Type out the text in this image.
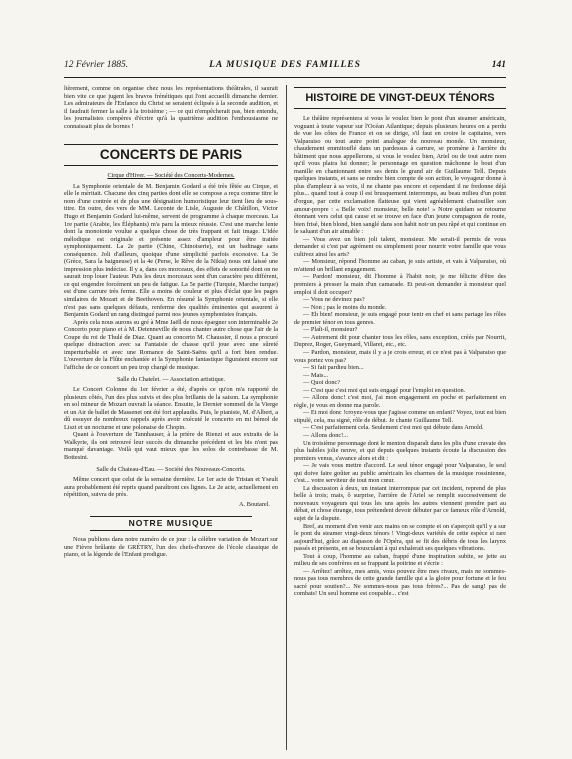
12 Février 1885.	LA MUSIQUE DES FAMILLES	141

lièrement, comme on organise chez nous les représentations théâtrales, il saurait bien vite ce que jugent les bravos frénétiques qui l'ont accueilli dimanche dernier. Les admirateurs de l'Enfance du Christ se seraient éclipsés à la seconde audition, et il faudrait fermer la salle à la troisième ; — ce qui n'empêcherait pas, bien entendu, les journalistes compères d'écrire qu'à la quatrième audition l'enthousiasme ne connaissait plus de bornes !

CONCERTS DE PARIS
Cirque d'Hiver. — Société des Concerts-Modernes.

La Symphonie orientale de M. Benjamin Godard a été très fêtée au Cirque, et elle le méritait. Chacune des cinq parties dont elle se compose a reçu comme titre le nom d'une contrée et de plus une désignation humoristique leur tient lieu de sous-titre. En outre, des vers de MM. Leconte de Lisle, Auguste de Châtillon, Victor Hugo et Benjamin Godard lui-même, servent de programme à chaque morceau. La 1re partie (Arabie, les Éléphants) m'a paru la mieux réussie. C'est une marche lente dont la monotonie voulue a quelque chose de très frappant et fait image. L'idée mélodique est originale et présente assez d'ampleur pour être traitée symphoniquement. La 2e partie (Chine, Chinoiserie), est un badinage sans conséquence. Joli d'ailleurs, quoique d'une simplicité parfois excessive. La 3e (Grèce, Sara la baigneuse) et la 4e (Perse, le Rêve de la Nikia) nous ont laissé une impression plus indécise. Il y a, dans ces morceaux, des effets de sonorité dont on ne saurait trop louer l'auteur. Puis les deux morceaux sont d'un caractère peu différent, ce qui engendre forcément un peu de fatigue. La 5e partie (Turquie, Marche turque) est d'une carrure très ferme. Elle a moins de couleur et plus d'éclat que les pages similaires de Mozart et de Beethoven. En résumé la Symphonie orientale, si elle n'est pas sans quelques défauts, renferme des qualités éminentes qui assurent à Benjamin Godard un rang distingué parmi nos jeunes symphonistes français.

Après cela nous aurons su gré à Mme Jaëll de nous épargner son interminable 2e Concerto pour piano et à M. Detenneville de nous chanter autre chose que l'air de la Coupe du roi de Thulé de Diaz. Quant au concerto M. Chaussier, il nous a procuré quelque distraction avec sa Fantaisie de chasse qu'il joue avec une sûreté imperturbable et avec une Romance de Saint-Saëns qu'il a fort bien rendue. L'ouverture de la Flûte enchantée et la Symphonie fantastique figuraient encore sur l'affiche de ce concert un peu trop chargé de musique.

Salle du Chatelet. — Association artistique.

Le Concert Colonne du 1er février a été, d'après ce qu'on m'a rapporté de plusieurs côtés, l'un des plus suivis et des plus brillants de la saison. La symphonie en sol mineur de Mozart ouvrait la séance. Ensuite, le Dernier sommeil de la Vierge et un Air de ballet de Massenet ont été fort applaudis. Puis, le pianiste, M. d'Albert, a dû essuyer de nombreux rappels après avoir exécuté le concerto en mi bémol de Liszt et un nocturne et une polonaise de Chopin.

Quant à l'ouverture de Tannhauser, à la prière de Rienzi et aux extraits de la Walkyrie, ils ont retrouvé leur succès du dimanche précédent et les bis n'ont pas manqué davantage. Voilà qui vaut mieux que les solos de contrebasse de M. Bottesini.

Salle du Chateau-d'Eau. — Société des Nouveaux-Concerts.

Même concert que celui de la semaine dernière. Le 1er acte de Tristan et Yseult aura probablement été repris quand paraîtront ces lignes. Le 2e acte, actuellement en répétition, suivra de près.

A. Boutarel.
NOTRE MUSIQUE

Nous publions dans notre numéro de ce jour : la célèbre variation de Mozart sur une Fièvre brûlante de GRÉTRY, l'un des chefs-d'œuvre de l'école classique de piano, et la légende de l'Enfant prodigue.

HISTOIRE DE VINGT-DEUX TÉNORS

Le théâtre représentera si vous le voulez bien le pont d'un steamer américain, voguant à toute vapeur sur l'Océan Atlantique; depuis plusieurs heures on a perdu de vue les côtes de France et on se dirige, s'il faut en croire le capitaine, vers Valparaiso ou tout autre point analogue du nouveau monde. Un monsieur, chaudement emmitouflé dans un pardessus à carrure, se promène à l'arrière du bâtiment que nous appellerons, si vous le voulez bien, Ariel ou de tout autre nom qu'il vous plaira lui donner; le personnage en question mâchonne le bout d'un manille en chantonnant entre ses dents le grand air de Guillaume Tell. Depuis quelques instants, et sans se rendre bien compte de son action, le voyageur donne à plus d'ampleur à sa voix, il ne chante pas encore et cependant il ne fredonne déjà plus... quand tout à coup il est brusquement interrompu, au beau milieu d'un point d'orgue, par cette exclamation flatteuse qui vient agréablement chatouiller son amour-propre : « Belle voix! monsieur, belle note! » Notre quidam se retourne étonnant vers celui qui cause et se trouve en face d'un jeune compagnon de route, bien frisé, bien blond, bien sanglé dans son habit noir un peu râpé et qui continue en le saluant d'un air aimable :

— Vous avez un bien joli talent, monsieur. Me serait-il permis de vous demander si c'est par agrément ou simplement pour nourrir votre famille que vous cultivez ainsi les arts?

— Monsieur, répond l'homme au caban, je suis artiste, et vais à Valparaiso, où m'attend un brillant engagement.

— Pardon! monsieur, dit l'homme à l'habit noir, je me félicite d'être des premiers à presser la main d'un camarade. Et peut-on demander à monsieur quel emploi il doit occuper?

— Vous ne devinez pas?

— Non ; pas le moins du monde.

— Eh bien! monsieur, je suis engagé pour tenir en chef et sans partage les rôles de premier ténor en tous genres.

— Plaît-il, monsieur?

— Autrement dit pour chanter tous les rôles, sans exception, créés par Nourrit, Duprez, Roger, Gueymard, Villaret, etc., etc.

— Pardon, monsieur, mais il y a je crois erreur, et ce n'est pas à Valparaiso que vous portez vos pas?

— Si fait pardieu bien...

— Mais...

— Quoi donc?

— C'est que c'est moi qui suis engagé pour l'emploi en question.

— Allons donc! c'est moi, j'ai mon engagement en poche et parfaitement en règle, je vous en donne ma parole.

— Et moi donc !croyez-vous que j'agisse comme un enfant? Voyez, tout est bien stipulé, cela, ma signé, rôle de début. Je chante Guillaume Tell.

— C'est parfaitement cela. Seulement c'est moi qui débute dans Arnold.

— Allons donc!...

Un troisième personnage dont le menton disparaît dans les plis d'une cravate des plus habiles jolie neuve, et qui depuis quelques instants écoute la discussion des premiers venus, s'avance alors et dit :

— Je vais vous mettre d'accord. Le seul ténor engagé pour Valparaiso, le seul qui doive faire goûter au public américain les charmes de la musique rossinienne, c'est... votre serviteur de tout mon cœur.

La discussion à deux, un instant interrompue par cet incident, reprend de plus belle à trois; mais, ô surprise, l'arrière de l'Ariel se remplit successivement de nouveaux voyageurs qui tous les uns après les autres viennent prendre part au débat, et chose étrange, tous prétendent devoir débuter par ce fameux rôle d'Arnold, sujet de la dispute.

Bref, au moment d'en venir aux mains on se compte et on s'aperçoit qu'il y a sur le pont du steamer vingt-deux ténors ! Vingt-deux variétés de cette espèce si rare aujourd'hui, grâce au diapason de l'Opéra, qui se fit des débris de tous les larynx passés et présents, en se bousculant à qui exhalerait ses quelques vibrations.

Tout à coup, l'homme au caban, frappé d'une inspiration subite, se jette au milieu de ses confrères en se frappant la poitrine et s'écrie :

— Arrêtez! arrêtez, mes amis, vous pouvez être mes rivaux, mais ne sommes-nous pas tous membres de cette grande famille qui a la gloire pour fortune et le feu sacré pour soutien?... Ne sommes-nous pas tous frères?... Pas de sang! pas de combats! Un seul homme est coupable... c'est
